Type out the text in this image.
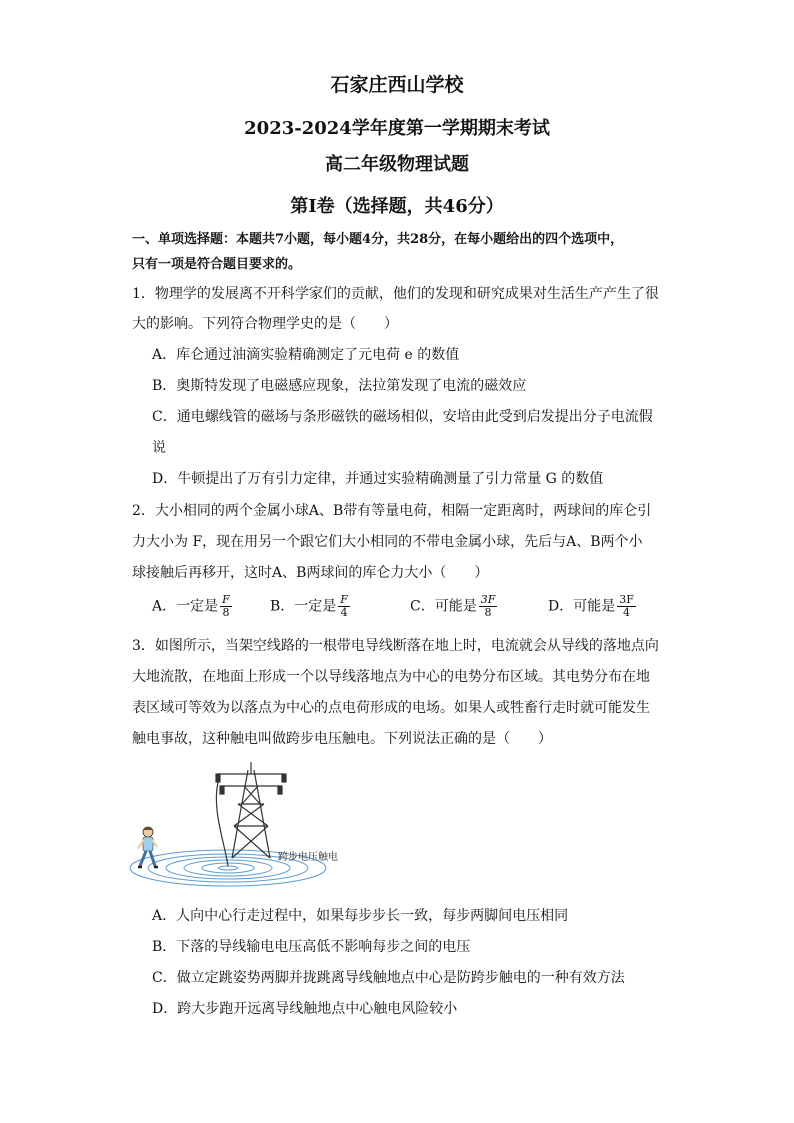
石家庄西山学校
2023-2024学年度第一学期期末考试
高二年级物理试题
第Ⅰ卷（选择题，共46分）
一、单项选择题：本题共7小题，每小题4分，共28分，在每小题给出的四个选项中，
只有一项是符合题目要求的。
1．物理学的发展离不开科学家们的贡献，他们的发现和研究成果对生活生产产生了很
大的影响。下列符合物理学史的是（　　）
A．库仑通过油滴实验精确测定了元电荷 e 的数值
B．奥斯特发现了电磁感应现象，法拉第发现了电流的磁效应
C．通电螺线管的磁场与条形磁铁的磁场相似，安培由此受到启发提出分子电流假
说
D．牛顿提出了万有引力定律，并通过实验精确测量了引力常量 G 的数值
2．大小相同的两个金属小球A、B带有等量电荷，相隔一定距离时，两球间的库仑引
力大小为 F，现在用另一个跟它们大小相同的不带电金属小球，先后与A、B两个小
球接触后再移开，这时A、B两球间的库仑力大小（　　）
A．一定是 $\frac{F}{8}$	B．一定是 $\frac{F}{4}$	C．可能是 $\frac{3F}{8}$	D．可能是 $\frac{3F}{4}$
3．如图所示，当架空线路的一根带电导线断落在地上时，电流就会从导线的落地点向
大地流散，在地面上形成一个以导线落地点为中心的电势分布区域。其电势分布在地
表区域可等效为以落点为中心的点电荷形成的电场。如果人或牲畜行走时就可能发生
触电事故，这种触电叫做跨步电压触电。下列说法正确的是（　　）
跨步电压触电
A．人向中心行走过程中，如果每步步长一致，每步两脚间电压相同
B．下落的导线输电电压高低不影响每步之间的电压
C．做立定跳姿势两脚并拢跳离导线触地点中心是防跨步触电的一种有效方法
D．跨大步跑开远离导线触地点中心触电风险较小
